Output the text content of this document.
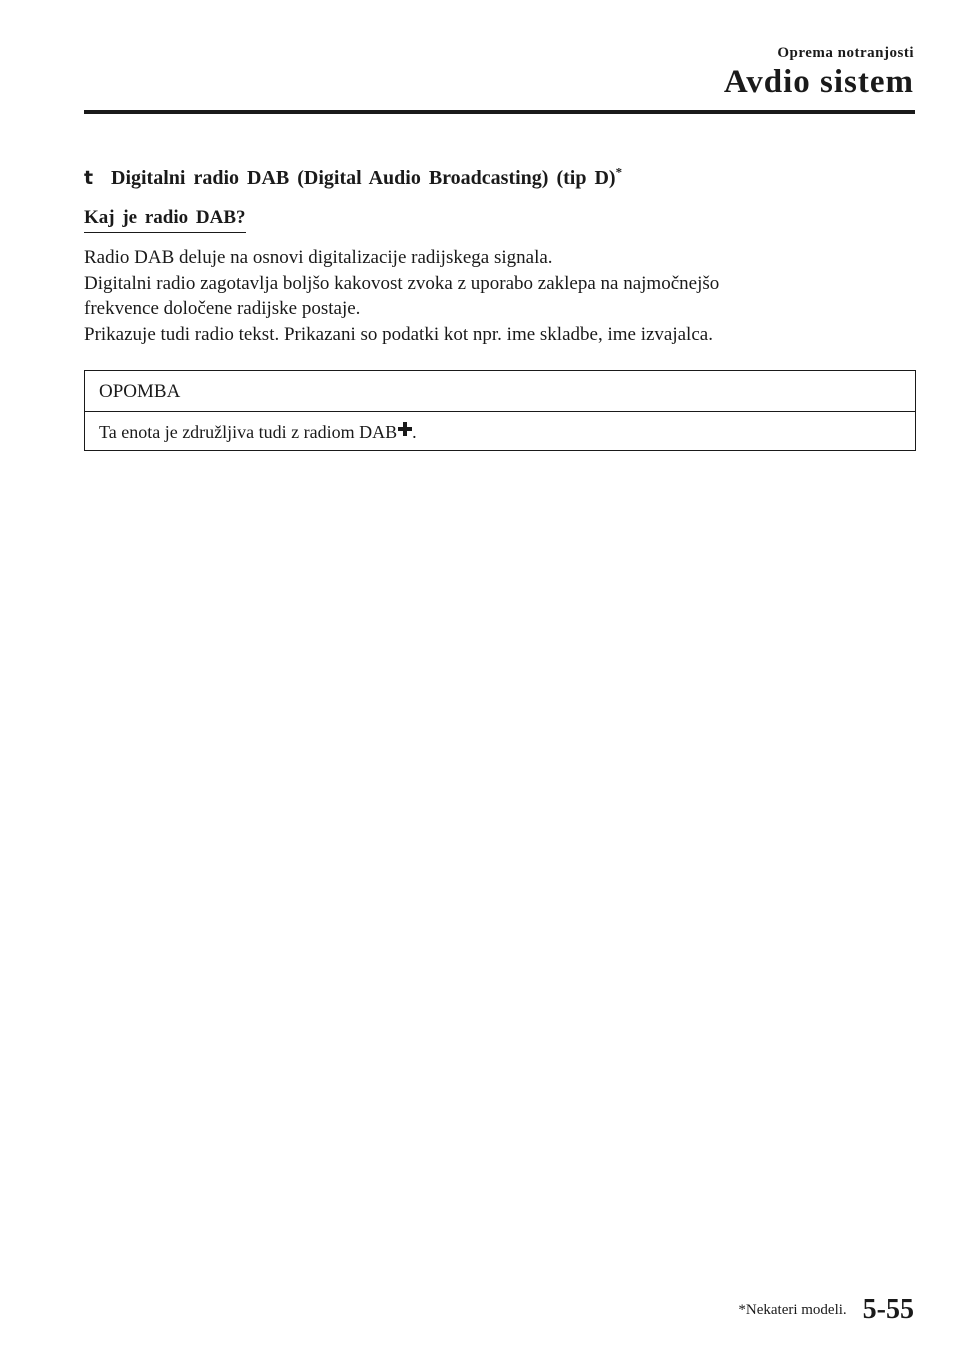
Oprema notranjosti
Avdio sistem
t Digitalni radio DAB (Digital Audio Broadcasting) (tip D)*
Kaj je radio DAB?

Radio DAB deluje na osnovi digitalizacije radijskega signala.

Digitalni radio zagotavlja boljšo kakovost zvoka z uporabo zaklepa na najmočnejšo

frekvence določene radijske postaje.

Prikazuje tudi radio tekst. Prikazani so podatki kot npr. ime skladbe, ime izvajalca.

OPOMBA
Ta enota je združljiva tudi z radiom DAB .
*Nekateri modeli. 5-55
